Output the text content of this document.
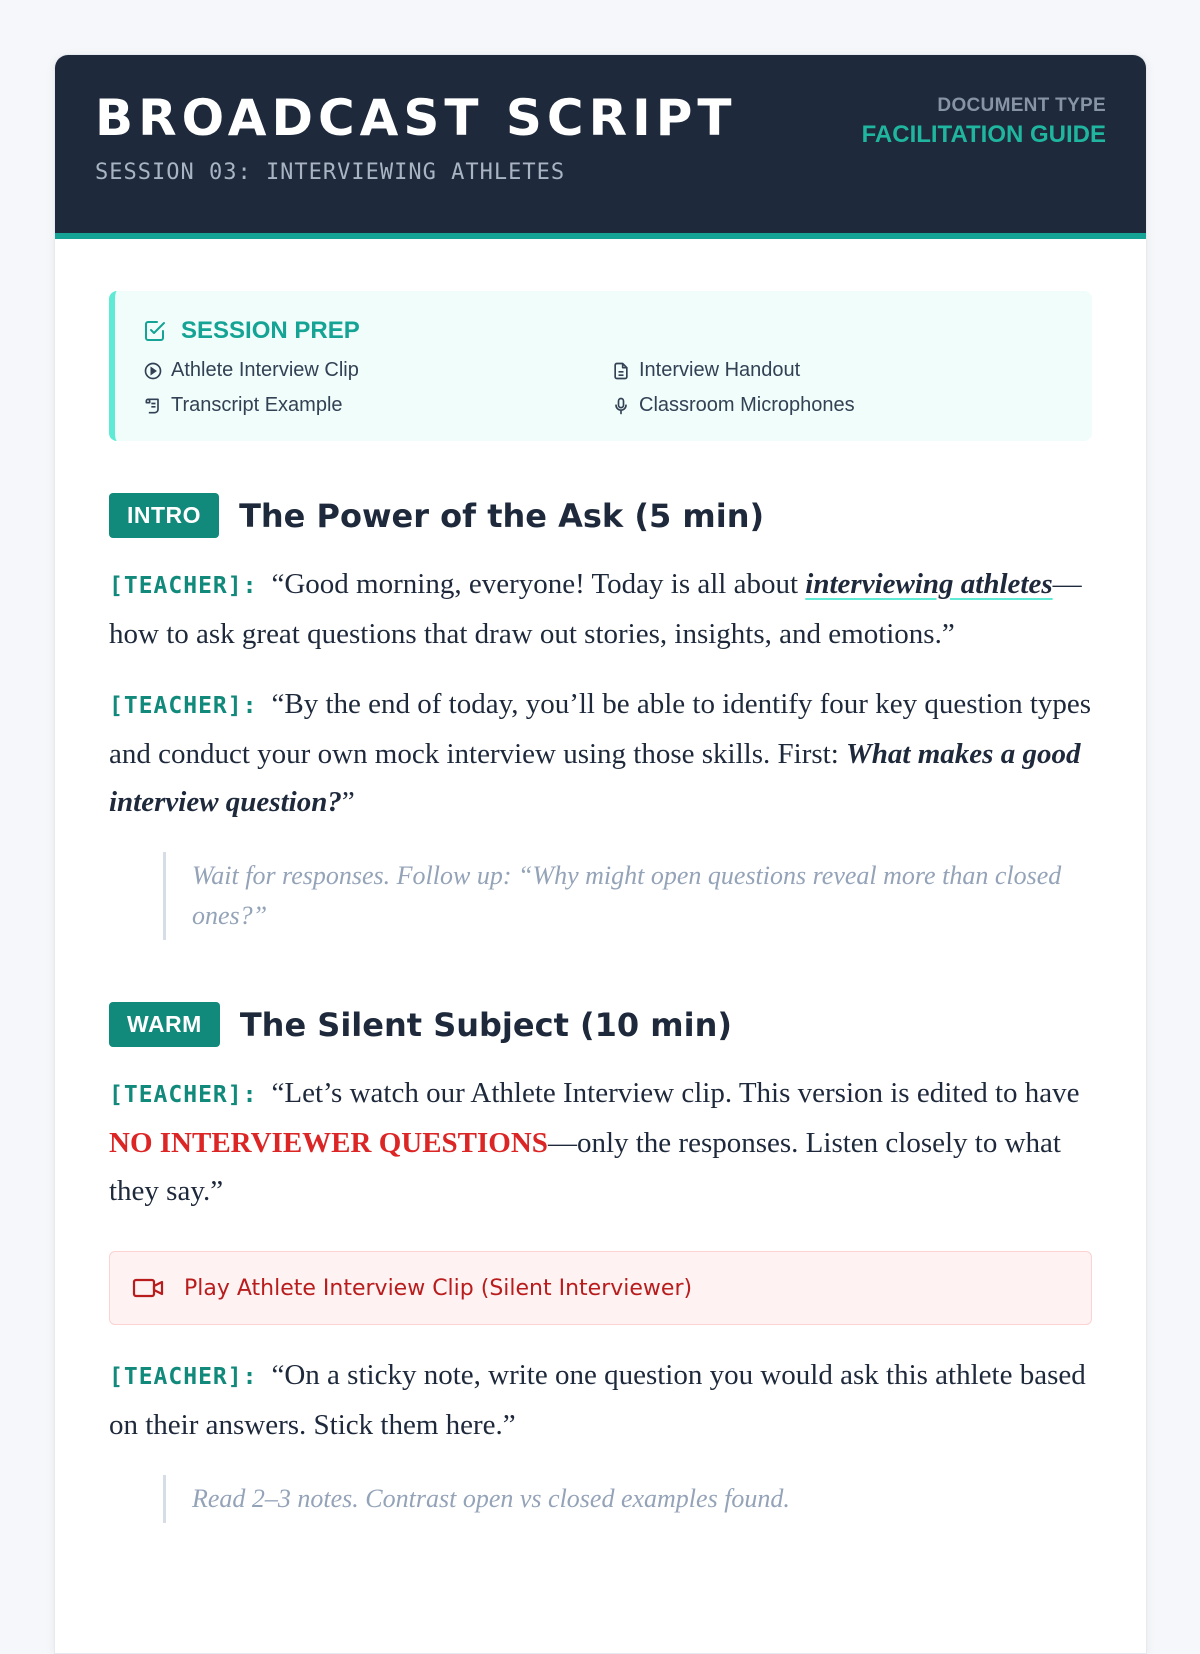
BROADCAST SCRIPT
SESSION 03: INTERVIEWING ATHLETES
DOCUMENT TYPE
FACILITATION GUIDE
SESSION PREP
Athlete Interview Clip	Interview Handout
Transcript Example	Classroom Microphones
INTRO	The Power of the Ask (5 min)
[TEACHER]: “Good morning, everyone! Today is all about interviewing athletes—how to ask great questions that draw out stories, insights, and emotions.”
[TEACHER]: “By the end of today, you’ll be able to identify four key question types and conduct your own mock interview using those skills. First: What makes a good interview question?”
Wait for responses. Follow up: “Why might open questions reveal more than closed ones?”
WARM	The Silent Subject (10 min)
[TEACHER]: “Let’s watch our Athlete Interview clip. This version is edited to have NO INTERVIEWER QUESTIONS—only the responses. Listen closely to what they say.”
Play Athlete Interview Clip (Silent Interviewer)
[TEACHER]: “On a sticky note, write one question you would ask this athlete based on their answers. Stick them here.”
Read 2–3 notes. Contrast open vs closed examples found.
